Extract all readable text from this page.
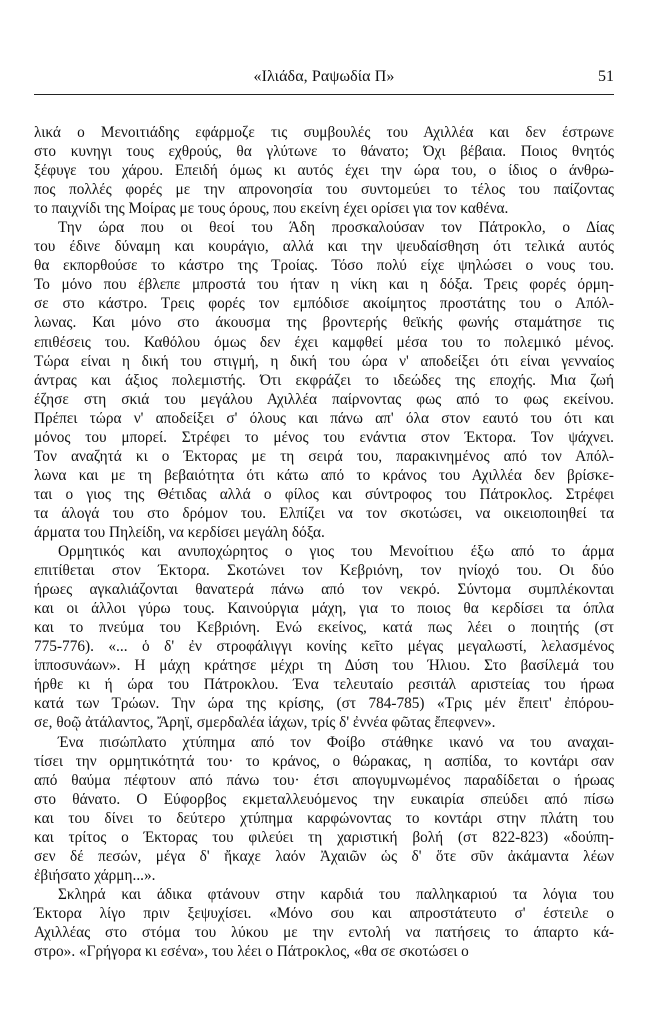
«Ιλιάδα, Ραψωδία Π»	51

λικά ο Μενοιτιάδης εφάρμοζε τις συμβουλές του Αχιλλέα και δεν έστρωνε
στο κυνηγι τους εχθρούς, θα γλύτωνε το θάνατο; Όχι βέβαια. Ποιος θνητός
ξέφυγε του χάρου. Επειδή όμως κι αυτός έχει την ώρα του, ο ίδιος ο άνθρω-
πος πολλές φορές με την απρονοησία του συντομεύει το τέλος του παίζοντας
το παιχνίδι της Μοίρας με τους όρους, που εκείνη έχει ορίσει για τον καθένα.

Την ώρα που οι θεοί του Άδη προσκαλούσαν τον Πάτροκλο, ο Δίας
του έδινε δύναμη και κουράγιο, αλλά και την ψευδαίσθηση ότι τελικά αυτός
θα εκπορθούσε το κάστρο της Τροίας. Τόσο πολύ είχε ψηλώσει ο νους του.
Το μόνο που έβλεπε μπροστά του ήταν η νίκη και η δόξα. Τρεις φορές όρμη-
σε στο κάστρο. Τρεις φορές τον εμπόδισε ακοίμητος προστάτης του ο Απόλ-
λωνας. Και μόνο στο άκουσμα της βροντερής θεϊκής φωνής σταμάτησε τις
επιθέσεις του. Καθόλου όμως δεν έχει καμφθεί μέσα του το πολεμικό μένος.
Τώρα είναι η δική του στιγμή, η δική του ώρα ν' αποδείξει ότι είναι γενναίος
άντρας και άξιος πολεμιστής. Ότι εκφράζει το ιδεώδες της εποχής. Μια ζωή
έζησε στη σκιά του μεγάλου Αχιλλέα παίρνοντας φως από το φως εκείνου.
Πρέπει τώρα ν' αποδείξει σ' όλους και πάνω απ' όλα στον εαυτό του ότι και
μόνος του μπορεί. Στρέφει το μένος του ενάντια στον Έκτορα. Τον ψάχνει.
Τον αναζητά κι ο Έκτορας με τη σειρά του, παρακινημένος από τον Απόλ-
λωνα και με τη βεβαιότητα ότι κάτω από το κράνος του Αχιλλέα δεν βρίσκε-
ται ο γιος της Θέτιδας αλλά ο φίλος και σύντροφος του Πάτροκλος. Στρέφει
τα άλογά του στο δρόμον του. Ελπίζει να τον σκοτώσει, να οικειοποιηθεί τα
άρματα του Πηλείδη, να κερδίσει μεγάλη δόξα.

Ορμητικός και ανυποχώρητος ο γιος του Μενοίτιου έξω από το άρμα
επιτίθεται στον Έκτορα. Σκοτώνει τον Κεβριόνη, τον ηνίοχό του. Οι δύο
ήρωες αγκαλιάζονται θανατερά πάνω από τον νεκρό. Σύντομα συμπλέκονται
και οι άλλοι γύρω τους. Καινούργια μάχη, για το ποιος θα κερδίσει τα όπλα
και το πνεύμα του Κεβριόνη. Ενώ εκείνος, κατά πως λέει ο ποιητής (στ
775-776). «... ὁ δ' ἐν στροφάλιγγι κονίης κεῖτο μέγας μεγαλωστί, λελασμένος
ἱπποσυνάων». Η μάχη κράτησε μέχρι τη Δύση του Ήλιου. Στο βασίλεμά του
ήρθε κι ή ώρα του Πάτροκλου. Ένα τελευταίο ρεσιτάλ αριστείας του ήρωα
κατά των Τρώων. Την ώρα της κρίσης, (στ 784-785) «Τρις μέν ἔπειτ' ἐπόρου-
σε, θοῷ ἀτάλαντος, Ἄρηϊ, σμερδαλέα ἰάχων, τρίς δ' ἐννέα φῶτας ἔπεφνεν».

Ένα πισώπλατο χτύπημα από τον Φοίβο στάθηκε ικανό να του αναχαι-
τίσει την ορμητικότητά του· το κράνος, ο θώρακας, η ασπίδα, το κοντάρι σαν
από θαύμα πέφτουν από πάνω του· έτσι απογυμνωμένος παραδίδεται ο ήρωας
στο θάνατο. Ο Εύφορβος εκμεταλλευόμενος την ευκαιρία σπεύδει από πίσω
και του δίνει το δεύτερο χτύπημα καρφώνοντας το κοντάρι στην πλάτη του
και τρίτος ο Έκτορας του φιλεύει τη χαριστική βολή (στ 822-823) «δούπη-
σεν δέ πεσών, μέγα δ' ἤκαχε λαόν Ἀχαιῶν ὡς δ' ὅτε σῦν ἀκάμαντα λέων
ἐβιήσατο χάρμη...».

Σκληρά και άδικα φτάνουν στην καρδιά του παλληκαριού τα λόγια του
Έκτορα λίγο πριν ξεψυχίσει. «Μόνο σου και απροστάτευτο σ' έστειλε ο
Αχιλλέας στο στόμα του λύκου με την εντολή να πατήσεις το άπαρτο κά-
στρο». «Γρήγορα κι εσένα», του λέει ο Πάτροκλος, «θα σε σκοτώσει ο
